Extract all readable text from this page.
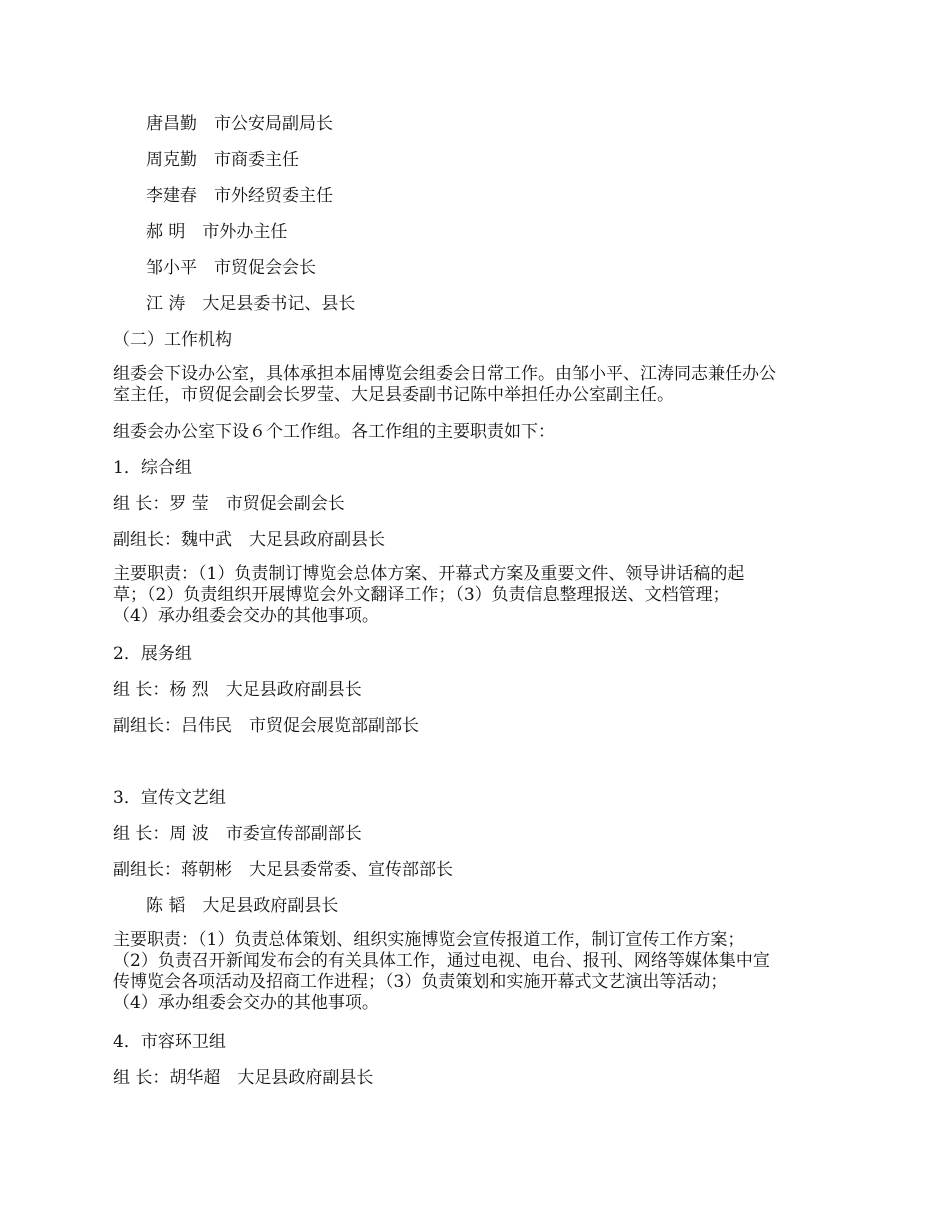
唐昌勤　市公安局副局长
周克勤　市商委主任
李建春　市外经贸委主任
郝 明　市外办主任
邹小平　市贸促会会长
江 涛　大足县委书记、县长
（二）工作机构
组委会下设办公室，具体承担本届博览会组委会日常工作。由邹小平、江涛同志兼任办公
室主任，市贸促会副会长罗莹、大足县委副书记陈中举担任办公室副主任。
组委会办公室下设６个工作组。各工作组的主要职责如下：
1．综合组
组 长：罗 莹　市贸促会副会长
副组长：魏中武　大足县政府副县长
主要职责：（1）负责制订博览会总体方案、开幕式方案及重要文件、领导讲话稿的起
草；（2）负责组织开展博览会外文翻译工作；（3）负责信息整理报送、文档管理；
（4）承办组委会交办的其他事项。
2．展务组
组 长：杨 烈　大足县政府副县长
副组长：吕伟民　市贸促会展览部副部长
3．宣传文艺组
组 长：周 波　市委宣传部副部长
副组长：蒋朝彬　大足县委常委、宣传部部长
陈 韬　大足县政府副县长
主要职责：（1）负责总体策划、组织实施博览会宣传报道工作，制订宣传工作方案；
（2）负责召开新闻发布会的有关具体工作，通过电视、电台、报刊、网络等媒体集中宣
传博览会各项活动及招商工作进程；（3）负责策划和实施开幕式文艺演出等活动；
（4）承办组委会交办的其他事项。
4．市容环卫组
组 长：胡华超　大足县政府副县长
